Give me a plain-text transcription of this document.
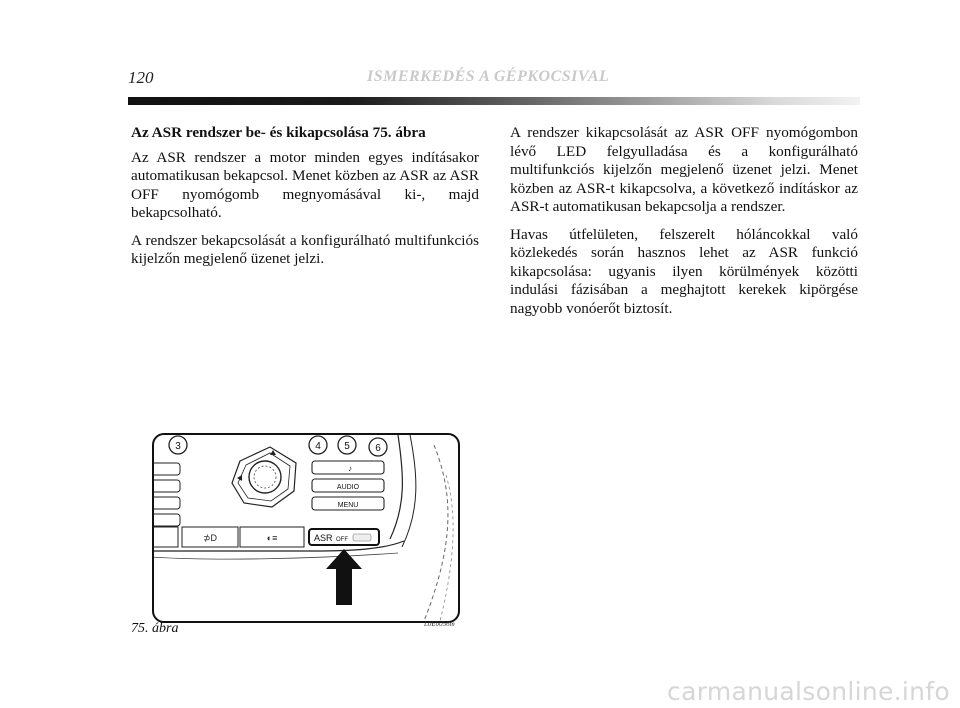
120	ISMERKEDÉS A GÉPKOCSIVAL

Az ASR rendszer be- és kikapcsolása 75. ábra

Az ASR rendszer a motor minden egyes indításakor automatikusan bekapcsol. Menet közben az ASR az ASR OFF nyomógomb megnyomásával ki-, majd bekapcsolható.

A rendszer bekapcsolását a konfigurálható multifunkciós kijelzőn megjelenő üzenet jelzi.

A rendszer kikapcsolását az ASR OFF nyomógombon lévő LED felgyulladása és a konfigurálható multifunkciós kijelzőn megjelenő üzenet jelzi. Menet közben az ASR-t kikapcsolva, a következő indításkor az ASR-t automatikusan bekapcsolja a rendszer.

Havas útfelületen, felszerelt hóláncokkal való közlekedés során hasznos lehet az ASR funkció kikapcsolása: ugyanis ilyen körülmények közötti indulási fázisában a meghajtott kerekek kipörgése nagyobb vonóerőt biztosít.

3	4 5	6
♪
AUDIO
MENU
⊅D	◐≡	ASR OFF
75. ábra	L0E0056m
carmanualsonline.info
